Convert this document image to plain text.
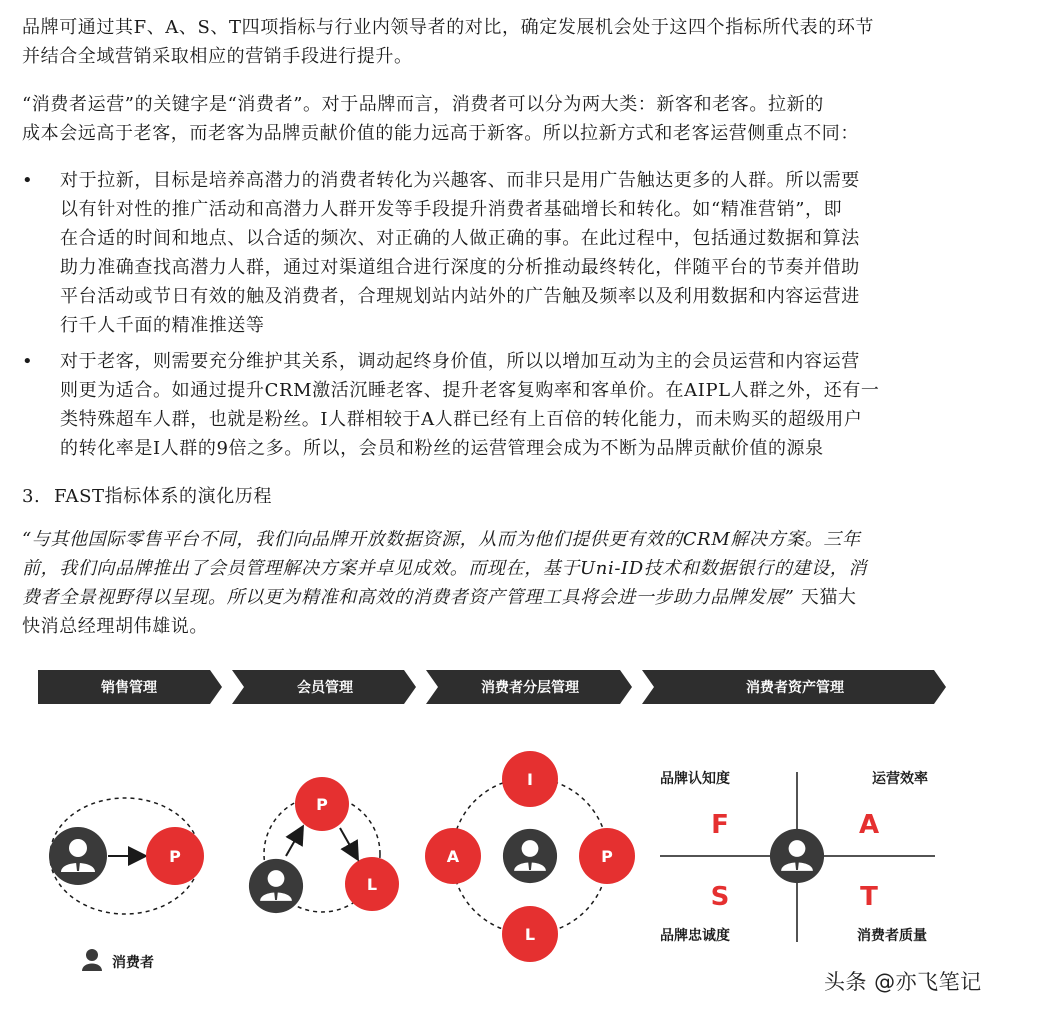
品牌可通过其F、A、S、T四项指标与行业内领导者的对比，确定发展机会处于这四个指标所代表的环节

并结合全域营销采取相应的营销手段进行提升。

“消费者运营”的关键字是“消费者”。对于品牌而言，消费者可以分为两大类：新客和老客。拉新的

成本会远高于老客，而老客为品牌贡献价值的能力远高于新客。所以拉新方式和老客运营侧重点不同：

• 对于拉新，目标是培养高潜力的消费者转化为兴趣客、而非只是用广告触达更多的人群。所以需要

以有针对性的推广活动和高潜力人群开发等手段提升消费者基础增长和转化。如“精准营销”，即

在合适的时间和地点、以合适的频次、对正确的人做正确的事。在此过程中，包括通过数据和算法

助力准确查找高潜力人群，通过对渠道组合进行深度的分析推动最终转化，伴随平台的节奏并借助

平台活动或节日有效的触及消费者，合理规划站内站外的广告触及频率以及利用数据和内容运营进

行千人千面的精准推送等

• 对于老客，则需要充分维护其关系，调动起终身价值，所以以增加互动为主的会员运营和内容运营

则更为适合。如通过提升CRM激活沉睡老客、提升老客复购率和客单价。在AIPL人群之外，还有一

类特殊超车人群，也就是粉丝。I人群相较于A人群已经有上百倍的转化能力，而未购买的超级用户

的转化率是I人群的9倍之多。所以，会员和粉丝的运营管理会成为不断为品牌贡献价值的源泉

3. FAST指标体系的演化历程

“与其他国际零售平台不同，我们向品牌开放数据资源，从而为他们提供更有效的CRM解决方案。三年
前，我们向品牌推出了会员管理解决方案并卓见成效。而现在，基于Uni-ID技术和数据银行的建设，消
费者全景视野得以呈现。所以更为精准和高效的消费者资产管理工具将会进一步助力品牌发展” 天猫大
快消总经理胡伟雄说。

销售管理	会员管理	消费者分层管理	消费者资产管理
P
P
L
I
A	P
L
品牌认知度	运营效率
品牌忠诚度	消费者质量
F	A
S	T
消费者
头条 @亦飞笔记
